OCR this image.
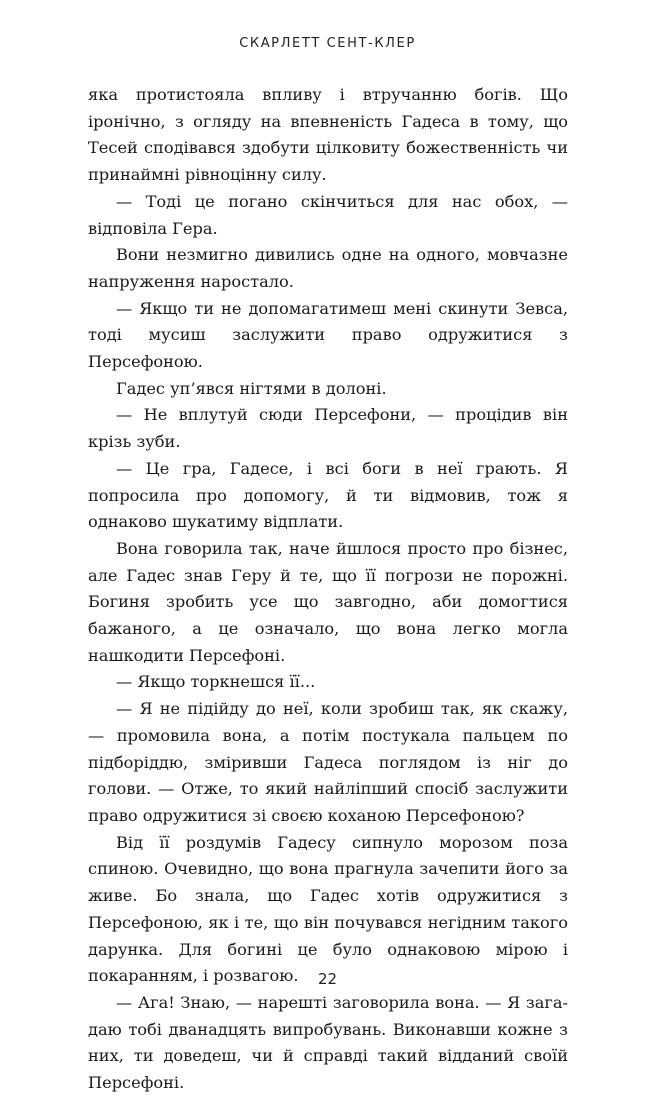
СКАРЛЕТТ СЕНТ-КЛЕР

яка протистояла впливу і втручанню богів. Що іронічно, з огляду на впевненість Гадеса в тому, що Тесей сподівався здобути цілковиту божественність чи принаймні рівноцінну силу.

— Тоді це погано скінчиться для нас обох, — відповіла Гера.

Вони незмигно дивились одне на одного, мовчазне напруження наростало.

— Якщо ти не допомагатимеш мені скинути Зевса, тоді мусиш заслужити право одружитися з Персефоною.

Гадес уп’явся нігтями в долоні.

— Не вплутуй сюди Персефони, — процідив він крізь зуби.

— Це гра, Гадесе, і всі боги в неї грають. Я попросила про допомогу, й ти відмовив, тож я однаково шукатиму відплати.

Вона говорила так, наче йшлося просто про бізнес, але Гадес знав Геру й те, що її погрози не порожні. Богиня зробить усе що завгодно, аби домогтися бажаного, а це означало, що вона легко могла нашкодити Персефоні.

— Якщо торкнешся її...

— Я не підійду до неї, коли зробиш так, як скажу, — промовила вона, а потім постукала пальцем по підборіддю, зміривши Гадеса поглядом із ніг до голови. — Отже, то який найліпший спосіб заслужити право одружитися зі своєю коханою Персефоною?

Від її роздумів Гадесу сипнуло морозом поза спиною. Очевидно, що вона прагнула зачепити його за живе. Бо знала, що Гадес хотів одружитися з Персефоною, як і те, що він почувався негідним такого дарунка. Для богині це було однаковою мірою і покаранням, і розвагою.

— Ага! Знаю, — нарешті заговорила вона. — Я загадаю тобі дванадцять випробувань. Виконавши кожне з них, ти доведеш, чи й справді такий відданий своїй Персефоні.

22
